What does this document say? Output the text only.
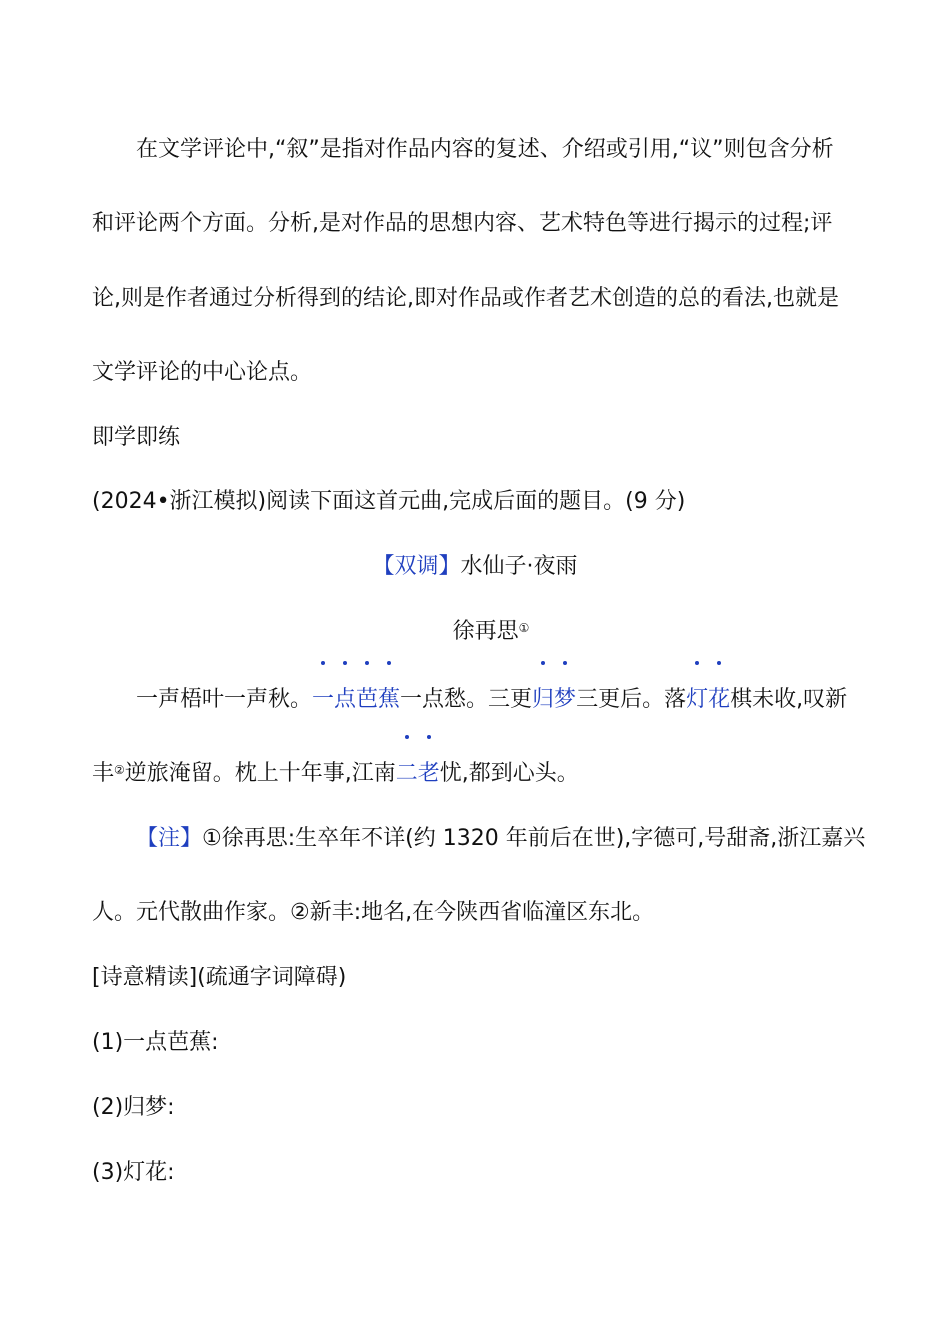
在文学评论中,“叙”是指对作品内容的复述、介绍或引用,“议”则包含分析
和评论两个方面。分析,是对作品的思想内容、艺术特色等进行揭示的过程;评
论,则是作者通过分析得到的结论,即对作品或作者艺术创造的总的看法,也就是
文学评论的中心论点。
即学即练
(2024•浙江模拟)阅读下面这首元曲,完成后面的题目。(9 分)
【双调】水仙子·夜雨
徐再思①
一声梧叶一声秋。
一点芭蕉一点愁。三更
归梦三更后。落
灯花棋未收,叹新
丰②逆旅淹留。枕上十年事,江南
二老忧,都到心头。
【注】①徐再思:生卒年不详(约 1320 年前后在世),字德可,号甜斋,浙江嘉兴
人。元代散曲作家。②新丰:地名,在今陕西省临潼区东北。
[诗意精读](疏通字词障碍)
(1)一点芭蕉:
(2)归梦:
(3)灯花:
